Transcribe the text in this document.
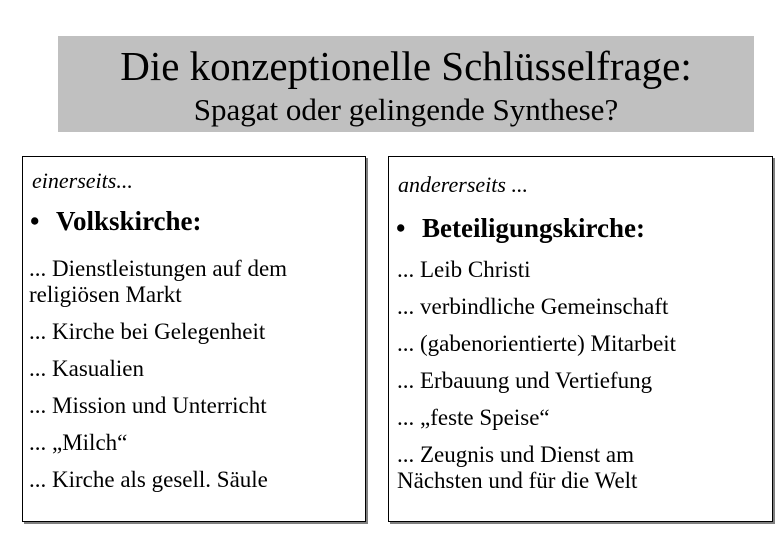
Die konzeptionelle Schlüsselfrage:
Spagat oder gelingende Synthese?
einerseits...
• Volkskirche:
... Dienstleistungen auf dem
religiösen Markt
... Kirche bei Gelegenheit
... Kasualien
... Mission und Unterricht
... „Milch“
... Kirche als gesell. Säule
andererseits ...
• Beteiligungskirche:
... Leib Christi
... verbindliche Gemeinschaft
... (gabenorientierte) Mitarbeit
... Erbauung und Vertiefung
... „feste Speise“
... Zeugnis und Dienst am
Nächsten und für die Welt
